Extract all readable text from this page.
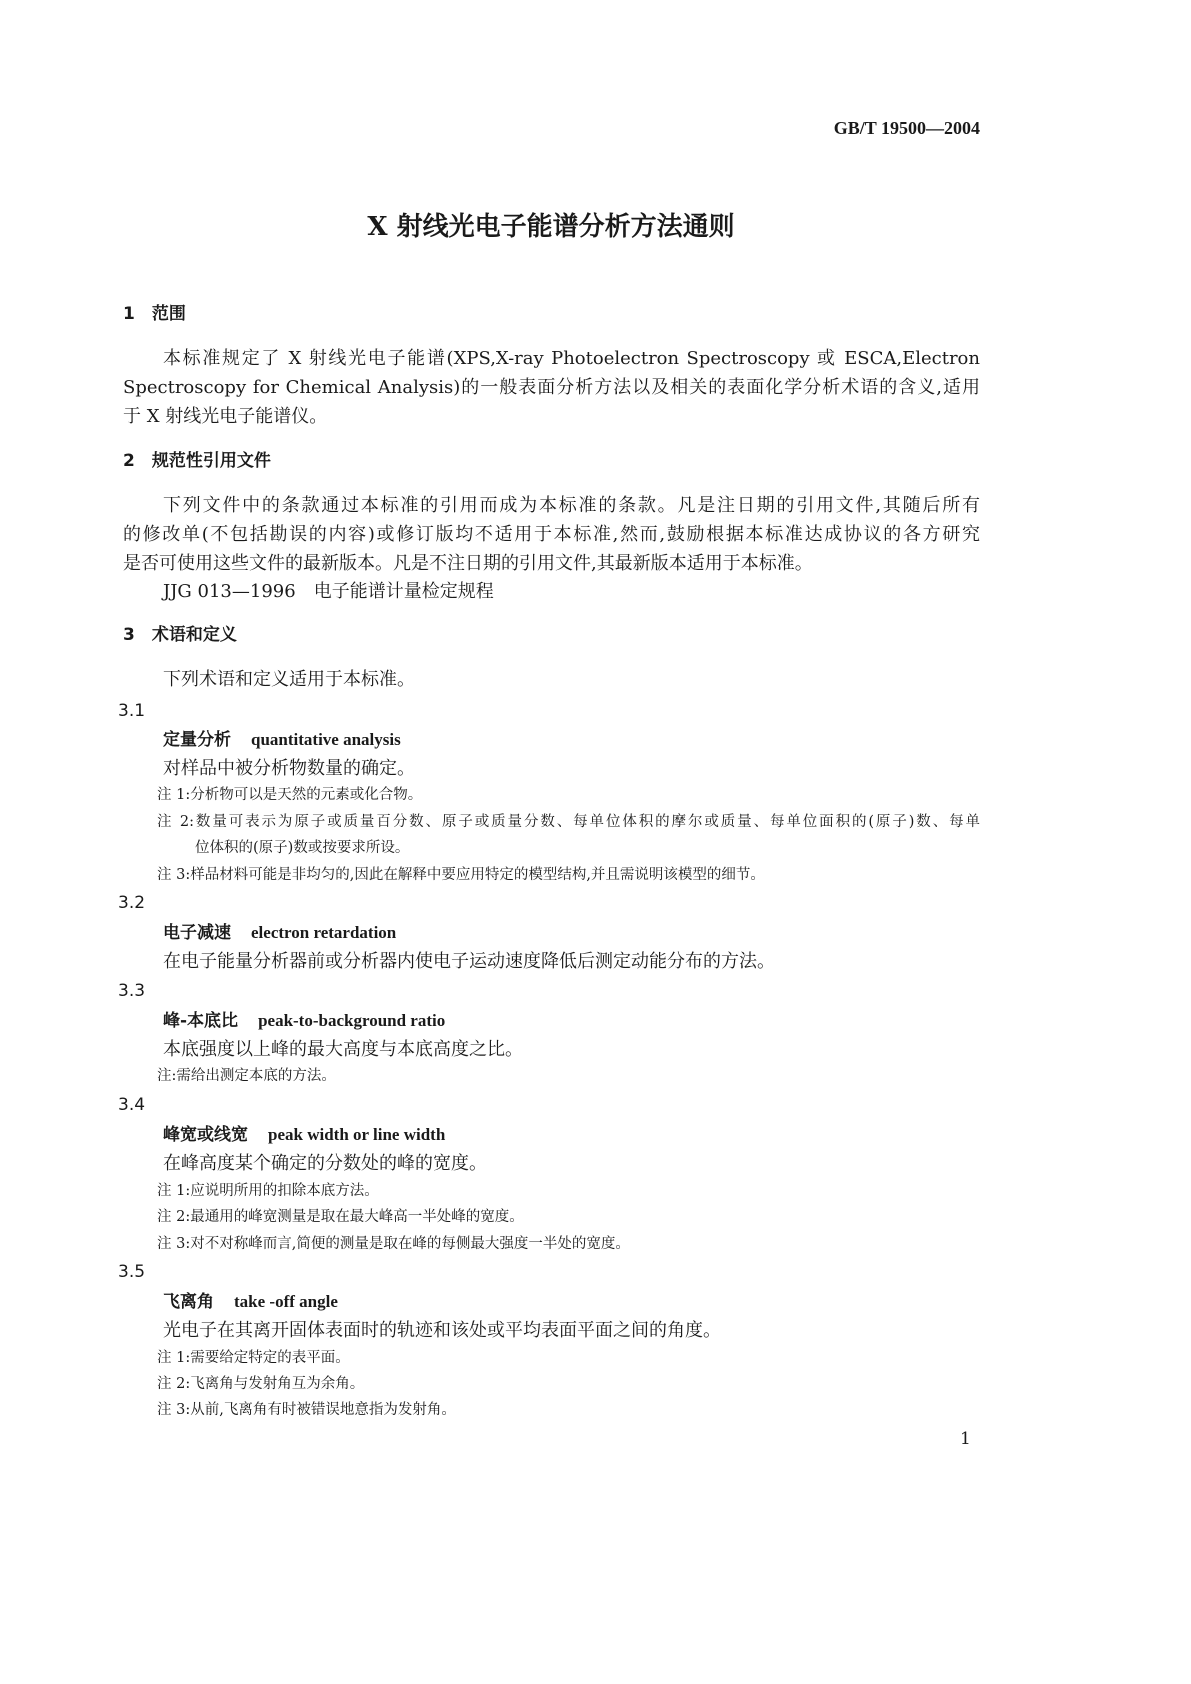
GB/T 19500—2004
X 射线光电子能谱分析方法通则
1　范围
本标准规定了 X 射线光电子能谱(XPS,X-ray Photoelectron Spectroscopy 或 ESCA,Electron
Spectroscopy for Chemical Analysis)的一般表面分析方法以及相关的表面化学分析术语的含义,适用
于 X 射线光电子能谱仪。
2　规范性引用文件
下列文件中的条款通过本标准的引用而成为本标准的条款。凡是注日期的引用文件,其随后所有
的修改单(不包括勘误的内容)或修订版均不适用于本标准,然而,鼓励根据本标准达成协议的各方研究
是否可使用这些文件的最新版本。凡是不注日期的引用文件,其最新版本适用于本标准。
JJG 013—1996　电子能谱计量检定规程
3　术语和定义
下列术语和定义适用于本标准。
3.1
定量分析 quantitative analysis
对样品中被分析物数量的确定。
注 1:分析物可以是天然的元素或化合物。
注 2:数量可表示为原子或质量百分数、原子或质量分数、每单位体积的摩尔或质量、每单位面积的(原子)数、每单
位体积的(原子)数或按要求所设。
注 3:样品材料可能是非均匀的,因此在解释中要应用特定的模型结构,并且需说明该模型的细节。
3.2
电子减速 electron retardation
在电子能量分析器前或分析器内使电子运动速度降低后测定动能分布的方法。
3.3
峰-本底比 peak-to-background ratio
本底强度以上峰的最大高度与本底高度之比。
注:需给出测定本底的方法。
3.4
峰宽或线宽 peak width or line width
在峰高度某个确定的分数处的峰的宽度。
注 1:应说明所用的扣除本底方法。
注 2:最通用的峰宽测量是取在最大峰高一半处峰的宽度。
注 3:对不对称峰而言,简便的测量是取在峰的每侧最大强度一半处的宽度。
3.5
飞离角 take -off angle
光电子在其离开固体表面时的轨迹和该处或平均表面平面之间的角度。
注 1:需要给定特定的表平面。
注 2:飞离角与发射角互为余角。
注 3:从前,飞离角有时被错误地意指为发射角。
1
